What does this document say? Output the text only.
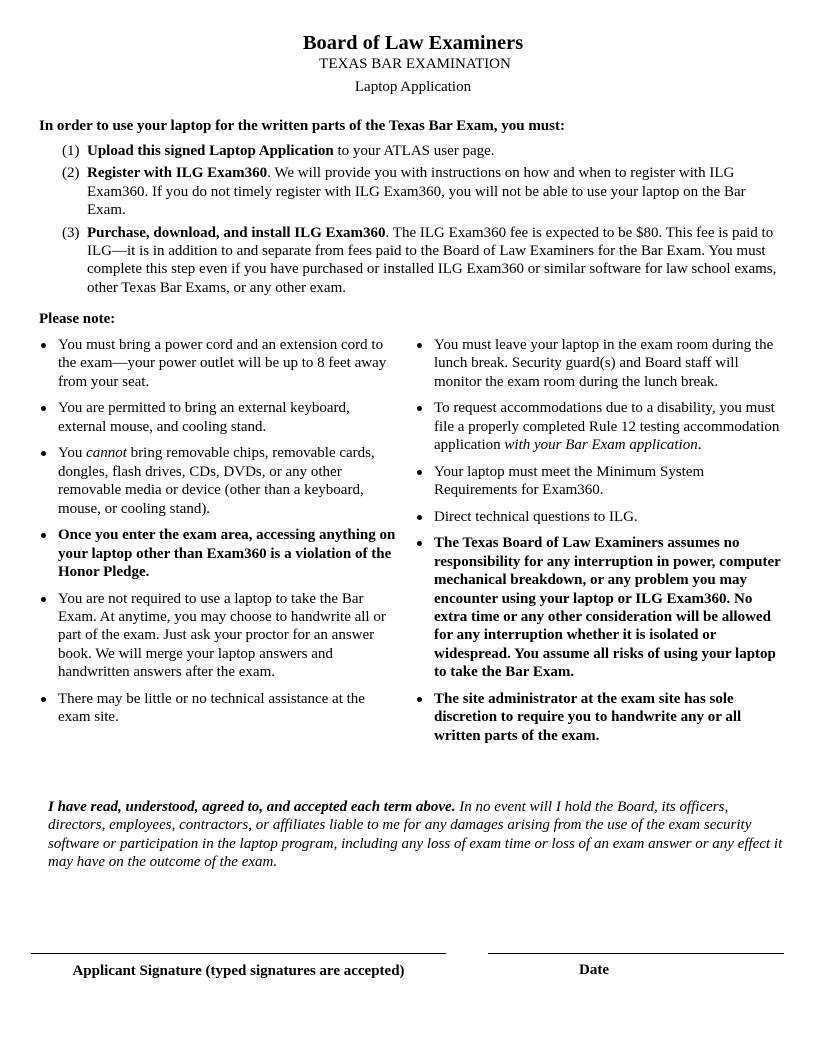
Board of Law Examiners
TEXAS BAR EXAMINATION
Laptop Application
In order to use your laptop for the written parts of the Texas Bar Exam, you must:
(1) Upload this signed Laptop Application to your ATLAS user page.
(2) Register with ILG Exam360. We will provide you with instructions on how and when to register with ILG Exam360. If you do not timely register with ILG Exam360, you will not be able to use your laptop on the Bar Exam.
(3) Purchase, download, and install ILG Exam360. The ILG Exam360 fee is expected to be $80. This fee is paid to ILG—it is in addition to and separate from fees paid to the Board of Law Examiners for the Bar Exam. You must complete this step even if you have purchased or installed ILG Exam360 or similar software for law school exams, other Texas Bar Exams, or any other exam.
Please note:
You must bring a power cord and an extension cord to the exam—your power outlet will be up to 8 feet away from your seat.
You are permitted to bring an external keyboard, external mouse, and cooling stand.
You cannot bring removable chips, removable cards, dongles, flash drives, CDs, DVDs, or any other removable media or device (other than a keyboard, mouse, or cooling stand).
Once you enter the exam area, accessing anything on your laptop other than Exam360 is a violation of the Honor Pledge.
You are not required to use a laptop to take the Bar Exam. At anytime, you may choose to handwrite all or part of the exam. Just ask your proctor for an answer book. We will merge your laptop answers and handwritten answers after the exam.
There may be little or no technical assistance at the exam site.
You must leave your laptop in the exam room during the lunch break. Security guard(s) and Board staff will monitor the exam room during the lunch break.
To request accommodations due to a disability, you must file a properly completed Rule 12 testing accommodation application with your Bar Exam application.
Your laptop must meet the Minimum System Requirements for Exam360.
Direct technical questions to ILG.
The Texas Board of Law Examiners assumes no responsibility for any interruption in power, computer mechanical breakdown, or any problem you may encounter using your laptop or ILG Exam360. No extra time or any other consideration will be allowed for any interruption whether it is isolated or widespread. You assume all risks of using your laptop to take the Bar Exam.
The site administrator at the exam site has sole discretion to require you to handwrite any or all written parts of the exam.
I have read, understood, agreed to, and accepted each term above. In no event will I hold the Board, its officers, directors, employees, contractors, or affiliates liable to me for any damages arising from the use of the exam security software or participation in the laptop program, including any loss of exam time or loss of an exam answer or any effect it may have on the outcome of the exam.
Applicant Signature (typed signatures are accepted)	Date
